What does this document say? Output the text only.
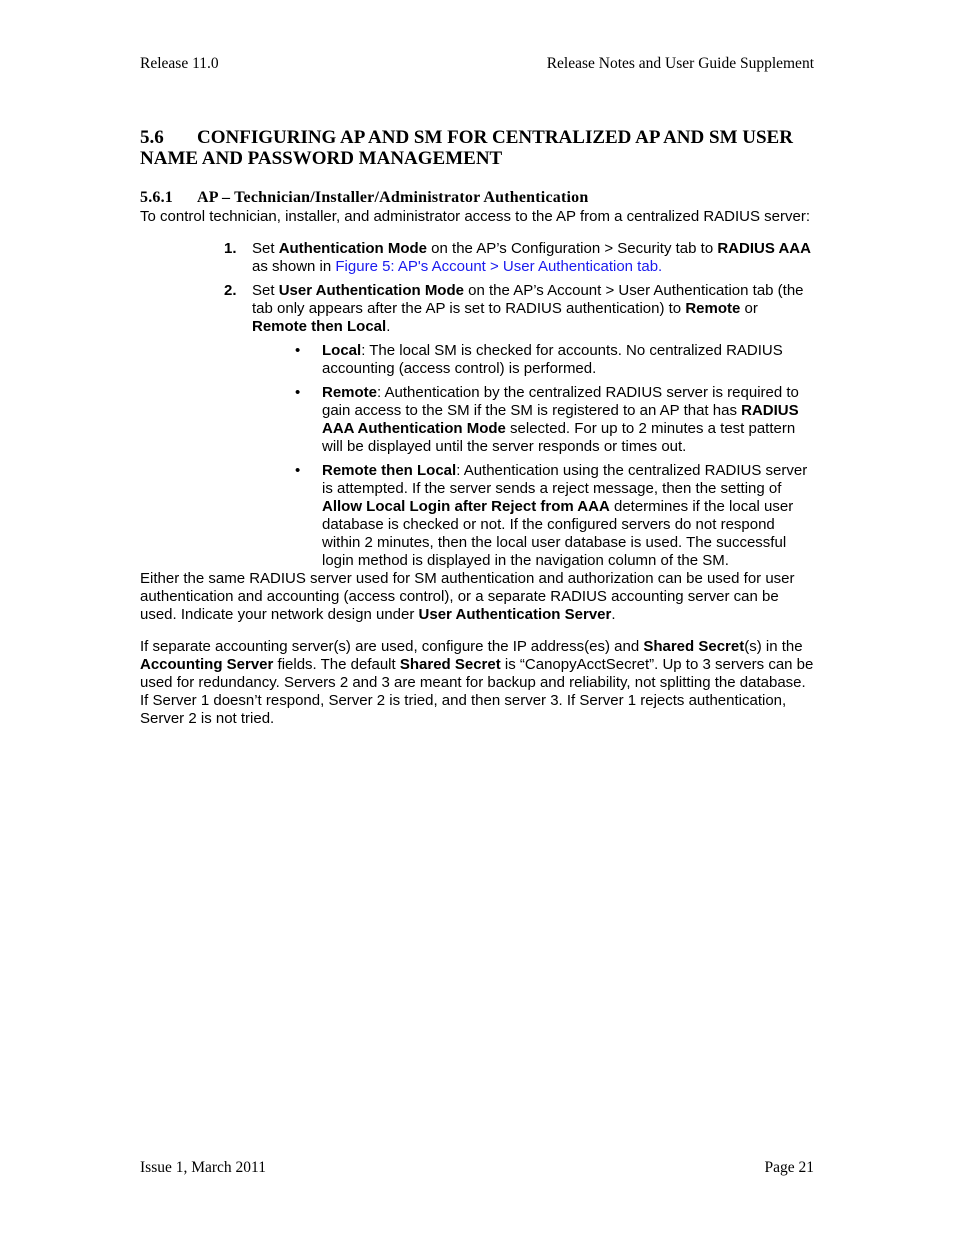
Release 11.0	Release Notes and User Guide Supplement
5.6 CONFIGURING AP AND SM FOR CENTRALIZED AP AND SM USER NAME AND PASSWORD MANAGEMENT
5.6.1 AP – Technician/Installer/Administrator Authentication

To control technician, installer, and administrator access to the AP from a centralized RADIUS server:

1. Set Authentication Mode on the AP’s Configuration > Security tab to RADIUS AAA as shown in Figure 5: AP's Account > User Authentication tab.
2. Set User Authentication Mode on the AP’s Account > User Authentication tab (the tab only appears after the AP is set to RADIUS authentication) to Remote or Remote then Local.
• Local: The local SM is checked for accounts. No centralized RADIUS accounting (access control) is performed.
• Remote: Authentication by the centralized RADIUS server is required to gain access to the SM if the SM is registered to an AP that has RADIUS AAA Authentication Mode selected. For up to 2 minutes a test pattern will be displayed until the server responds or times out.
• Remote then Local: Authentication using the centralized RADIUS server is attempted. If the server sends a reject message, then the setting of Allow Local Login after Reject from AAA determines if the local user database is checked or not. If the configured servers do not respond within 2 minutes, then the local user database is used. The successful login method is displayed in the navigation column of the SM.

Either the same RADIUS server used for SM authentication and authorization can be used for user authentication and accounting (access control), or a separate RADIUS accounting server can be used. Indicate your network design under User Authentication Server.

If separate accounting server(s) are used, configure the IP address(es) and Shared Secret(s) in the Accounting Server fields. The default Shared Secret is “CanopyAcctSecret”. Up to 3 servers can be used for redundancy. Servers 2 and 3 are meant for backup and reliability, not splitting the database. If Server 1 doesn’t respond, Server 2 is tried, and then server 3. If Server 1 rejects authentication, Server 2 is not tried.

Issue 1, March 2011	Page 21
